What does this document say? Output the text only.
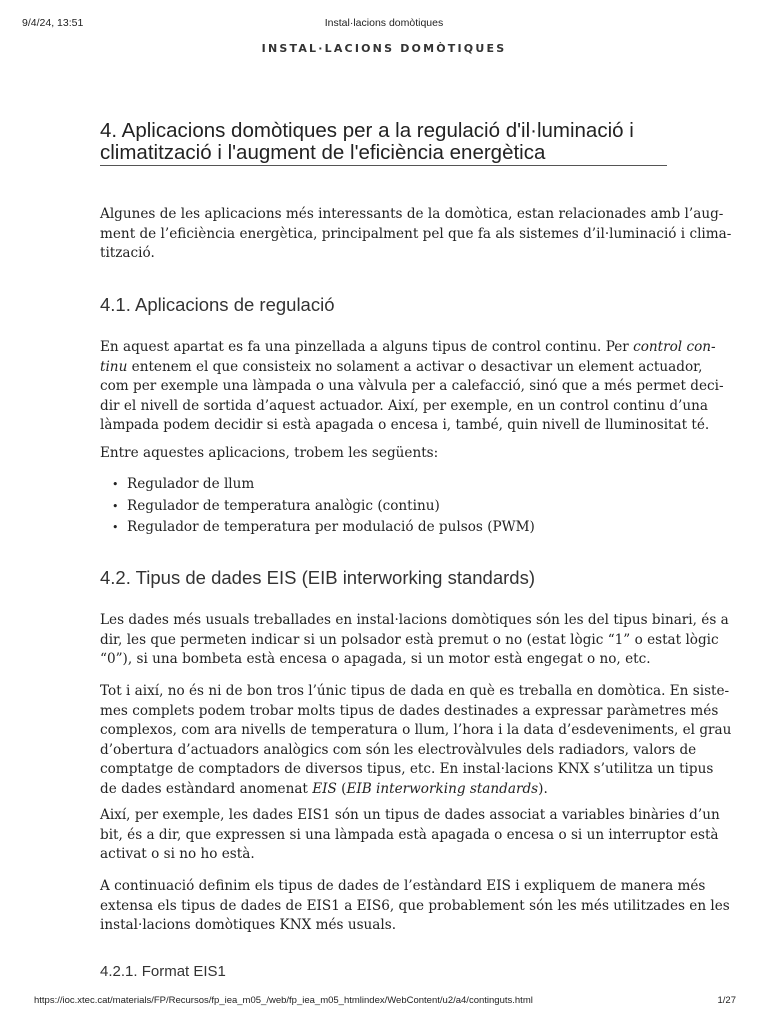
9/4/24, 13:51	Instal·lacions domòtiques
INSTAL·LACIONS DOMÒTIQUES
4. Aplicacions domòtiques per a la regulació d'il·luminació i
climatització i l'augment de l'eficiència energètica

Algunes de les aplicacions més interessants de la domòtica, estan relacionades amb l’aug-
ment de l’eficiència energètica, principalment pel que fa als sistemes d’il·luminació i clima-
tització.

4.1. Aplicacions de regulació

En aquest apartat es fa una pinzellada a alguns tipus de control continu. Per control con-
tinu entenem el que consisteix no solament a activar o desactivar un element actuador,
com per exemple una làmpada o una vàlvula per a calefacció, sinó que a més permet deci-
dir el nivell de sortida d’aquest actuador. Així, per exemple, en un control continu d’una
làmpada podem decidir si està apagada o encesa i, també, quin nivell de lluminositat té.

Entre aquestes aplicacions, trobem les següents:

• Regulador de llum
• Regulador de temperatura analògic (continu)
• Regulador de temperatura per modulació de pulsos (PWM)
4.2. Tipus de dades EIS (EIB interworking standards)

Les dades més usuals treballades en instal·lacions domòtiques són les del tipus binari, és a
dir, les que permeten indicar si un polsador està premut o no (estat lògic “1” o estat lògic
“0”), si una bombeta està encesa o apagada, si un motor està engegat o no, etc.

Tot i així, no és ni de bon tros l’únic tipus de dada en què es treballa en domòtica. En siste-
mes complets podem trobar molts tipus de dades destinades a expressar paràmetres més
complexos, com ara nivells de temperatura o llum, l’hora i la data d’esdeveniments, el grau
d’obertura d’actuadors analògics com són les electrovàlvules dels radiadors, valors de
comptatge de comptadors de diversos tipus, etc. En instal·lacions KNX s’utilitza un tipus
de dades estàndard anomenat EIS (EIB interworking standards).

Així, per exemple, les dades EIS1 són un tipus de dades associat a variables binàries d’un
bit, és a dir, que expressen si una làmpada està apagada o encesa o si un interruptor està
activat o si no ho està.

A continuació definim els tipus de dades de l’estàndard EIS i expliquem de manera més
extensa els tipus de dades de EIS1 a EIS6, que probablement són les més utilitzades en les
instal·lacions domòtiques KNX més usuals.

4.2.1. Format EIS1
https://ioc.xtec.cat/materials/FP/Recursos/fp_iea_m05_/web/fp_iea_m05_htmlindex/WebContent/u2/a4/continguts.html	1/27
